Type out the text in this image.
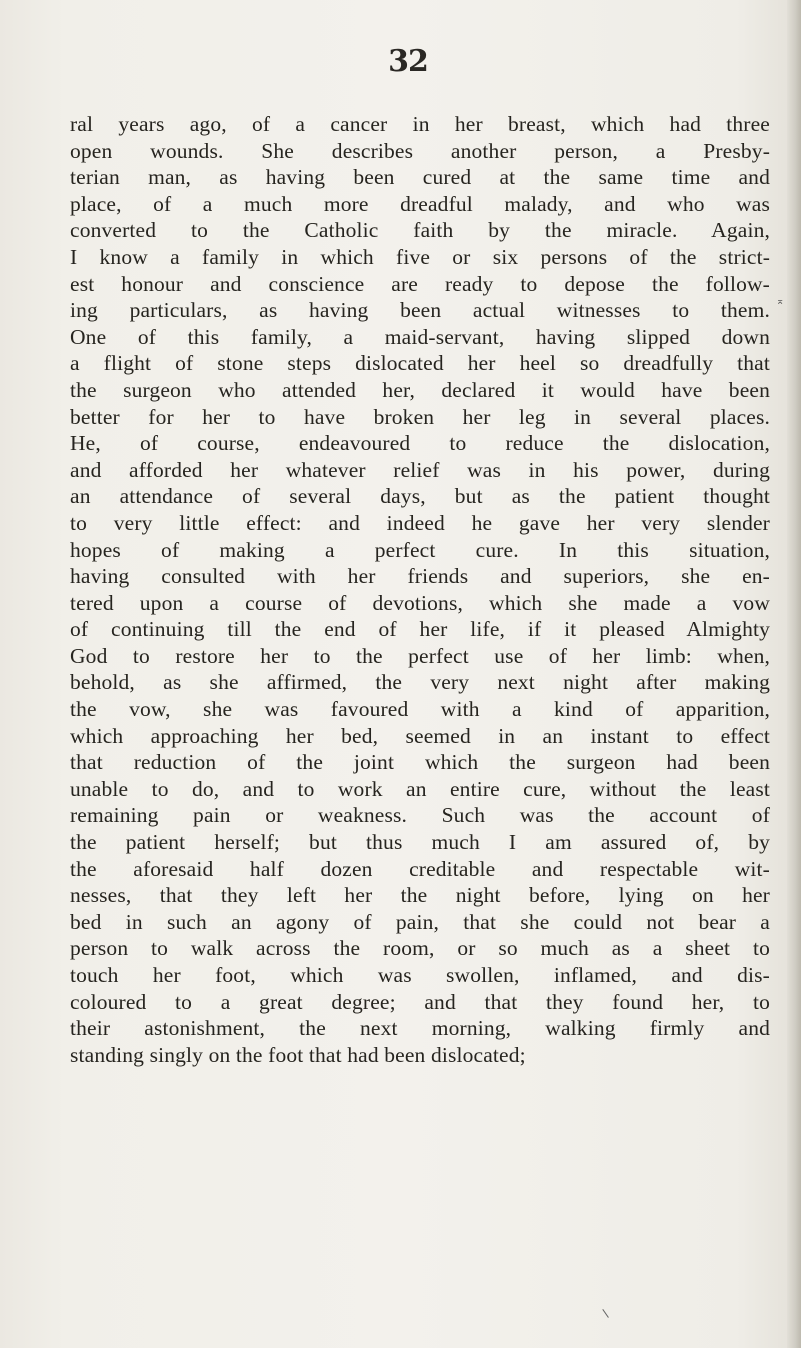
32
ral years ago, of a cancer in her breast, which had three
open wounds. She describes another person, a Presby-
terian man, as having been cured at the same time and
place, of a much more dreadful malady, and who was
converted to the Catholic faith by the miracle. Again,
I know a family in which five or six persons of the strict-
est honour and conscience are ready to depose the follow-
ing particulars, as having been actual witnesses to them.
One of this family, a maid-servant, having slipped down
a flight of stone steps dislocated her heel so dreadfully that
the surgeon who attended her, declared it would have been
better for her to have broken her leg in several places.
He, of course, endeavoured to reduce the dislocation,
and afforded her whatever relief was in his power, during
an attendance of several days, but as the patient thought
to very little effect: and indeed he gave her very slender
hopes of making a perfect cure. In this situation,
having consulted with her friends and superiors, she en-
tered upon a course of devotions, which she made a vow
of continuing till the end of her life, if it pleased Almighty
God to restore her to the perfect use of her limb: when,
behold, as she affirmed, the very next night after making
the vow, she was favoured with a kind of apparition,
which approaching her bed, seemed in an instant to effect
that reduction of the joint which the surgeon had been
unable to do, and to work an entire cure, without the least
remaining pain or weakness. Such was the account of
the patient herself; but thus much I am assured of, by
the aforesaid half dozen creditable and respectable wit-
nesses, that they left her the night before, lying on her
bed in such an agony of pain, that she could not bear a
person to walk across the room, or so much as a sheet to
touch her foot, which was swollen, inflamed, and dis-
coloured to a great degree; and that they found her, to
their astonishment, the next morning, walking firmly and
standing singly on the foot that had been dislocated;
⌅
